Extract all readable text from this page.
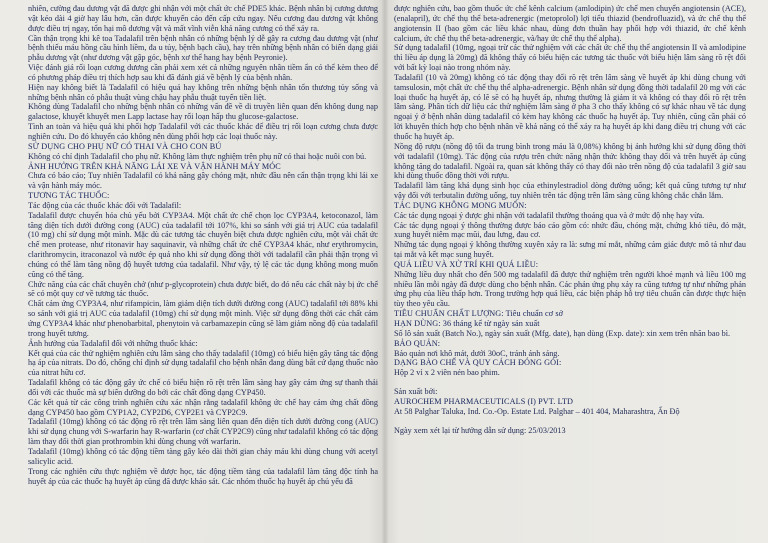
nhiên, cường đau dương vật đã được ghi nhận với một chất ức chế PDE5 khác. Bệnh nhân bị cương dương vật kéo dài 4 giờ hay lâu hơn, cần được khuyến cáo đến cấp cứu ngay. Nếu cương đau dương vật không được điều trị ngay, tổn hại mô dương vật và mất vĩnh viễn khả năng cương có thể xảy ra.

Cần thận trọng khi kê toa Tadalafil trên bệnh nhân có những bệnh lý dễ gây ra cương đau dương vật (như bệnh thiếu máu hồng cầu hình liềm, đa u tủy, bệnh bạch cầu), hay trên những bệnh nhân có biến dạng giải phẫu dương vật (như dương vật gập góc, bệnh xơ thể hang hay bệnh Peyronie).

Việc đánh giá rối loạn cương dương cần phải xem xét cả những nguyên nhân tiềm ẩn có thể kèm theo để có phương pháp điều trị thích hợp sau khi đã đánh giá về bệnh lý của bệnh nhân.

Hiện nay không biết là Tadalafil có hiệu quả hay không trên những bệnh nhân tổn thương tủy sống và những bệnh nhân có phẫu thuật vùng chậu hay phẫu thuật tuyến tiền liệt.

Không dùng Tadalafil cho những bệnh nhân có những vấn đề về di truyền liên quan đến không dung nạp galactose, khuyết khuyết men Lapp lactase hay rối loạn hấp thu glucose-galactose.

Tình an toàn và hiệu quả khi phối hợp Tadalafil với các thuốc khác để điều trị rối loạn cương chưa được nghiên cứu. Do đó khuyến cáo không nên dùng phối hợp các loại thuốc này.

SỬ DỤNG CHO PHỤ NỮ CÓ THAI VÀ CHO CON BÚ

Không có chỉ định Tadalafil cho phụ nữ. Không làm thực nghiệm trên phụ nữ có thai hoặc nuôi con bú.

ẢNH HƯỞNG TRÊN KHẢ NĂNG LÁI XE VÀ VẬN HÀNH MÁY MÓC

Chưa có báo cáo; Tuy nhiên Tadalafil có khả năng gây chóng mặt, nhức đầu nên cẩn thận trọng khi lái xe và vận hành máy móc.

TƯƠNG TÁC THUỐC:

Tác động của các thuốc khác đối với Tadalafil:

Tadalafil được chuyển hóa chủ yếu bởi CYP3A4. Một chất ức chế chọn lọc CYP3A4, ketoconazol, làm tăng diện tích dưới đường cong (AUC) của tadalafil tới 107%, khi so sánh với giá trị AUC của tadalafil (10 mg) chỉ sử dụng một mình. Mặc dù các tương tác chuyên biệt chưa được nghiên cứu, một vài chất ức chế men protease, như ritonavir hay saquinavir, và những chất ức chế CYP3A4 khác, như erythromycin, clarithromycin, itraconazol và nước ép quả nho khi sử dụng đồng thời với tadalafil cần phải thận trọng vì chúng có thể làm tăng nồng độ huyết tương của tadalafil. Như vậy, tỷ lệ các tác dụng không mong muốn cũng có thể tăng.

Chức năng của các chất chuyên chở (như p-glycoprotein) chưa được biết, do đó nếu các chất này bị ức chế sẽ có một quy cơ về tương tác thuốc.

Chất cảm ứng CYP3A4, như rifampicin, làm giảm diện tích dưới đường cong (AUC) tadalafil tới 88% khi so sánh với giá trị AUC của tadalafil (10mg) chỉ sử dụng một mình. Việc sử dụng đồng thời các chất cảm ứng CYP3A4 khác như phenobarbital, phenytoin và carbamazepin cũng sẽ làm giảm nồng độ của tadalafil trong huyết tương.

Ảnh hưởng của Tadalafil đối với những thuốc khác:

Kết quả của các thử nghiệm nghiên cứu lâm sàng cho thấy tadalafil (10mg) có biểu hiện gây tăng tác động hạ áp của nitrats. Do đó, chống chỉ định sử dụng tadalafil cho bệnh nhân đang dùng bất cứ dạng thuốc nào của nitrat hữu cơ.

Tadalafil không có tác động gây ức chế có biểu hiện rõ rệt trên lâm sàng hay gây cảm ứng sự thanh thải đối với các thuốc mà sự biến dưỡng do bởi các chất đồng dạng CYP450.

Các kết quả từ các công trình nghiên cứu xác nhận rằng tadalafil không ức chế hay cảm ứng chất đồng dạng CYP450 bao gồm CYP1A2, CYP2D6, CYP2E1 và CYP2C9.

Tadalafil (10mg) không có tác động rõ rệt trên lâm sàng liên quan đến diện tích dưới đường cong (AUC) khi sử dụng chung với S-warfarin hay R-warfarin (cơ chất CYP2C9) cũng như tadalafil không có tác động làm thay đổi thời gian prothrombin khi dùng chung với warfarin.

Tadalafil (10mg) không có tác động tiềm tàng gây kéo dài thời gian chảy máu khi dùng chung với acetyl salicylic acid.

Trong các nghiên cứu thực nghiệm về dược học, tác động tiềm tàng của tadalafil làm tăng độc tính ha huyết áp của các thuốc hạ huyết áp cũng đã được khảo sát. Các nhóm thuốc hạ huyết áp chủ yếu đã

được nghiên cứu, bao gồm thuốc ức chế kênh calcium (amlodipin) ức chế men chuyển angiotensin (ACE), (enalapril), ức chế thụ thể beta-adrenergic (metoprolol) lợi tiểu thiazid (bendrofluazid), và ức chế thụ thể angiotensin II (bao gồm các liều khác nhau, dùng đơn thuần hay phối hợp với thiazid, ức chế kênh calcium, ức chế thụ thể beta-adrenergic, và/hay ức chế thụ thể alpha).

Sử dụng tadalafil (10mg, ngoại trừ các thử nghiệm với các chất ức chế thụ thể angiotensin II và amlodipine thì liều áp dụng là 20mg) đã không thấy có biểu hiện các tương tác thuốc với biểu hiện lâm sàng rõ rệt đối với bất kỳ loại nào trong nhóm này.

Tadalafil (10 và 20mg) không có tác động thay đổi rõ rệt trên lâm sàng về huyết áp khi dùng chung với tamsulosin, một chất ức chế thụ thể alpha-adrenergic. Bệnh nhân sử dụng đồng thời tadalafil 20 mg với các loại thuốc hạ huyết áp, có lẽ sẽ có hạ huyết áp, nhưng thường là giảm ít và không có thay đổi rõ rệt trên lâm sàng. Phân tích dữ liệu các thử nghiệm lâm sàng ở pha 3 cho thấy không có sự khác nhau về tác dụng ngoại ý ở bệnh nhân dùng tadalafil có kèm hay không các thuốc hạ huyết áp. Tuy nhiên, cũng cần phải có lời khuyên thích hợp cho bệnh nhân về khả năng có thể xảy ra hạ huyết áp khi đang điều trị chung với các thuốc hạ huyết áp.

Nồng độ rượu (nồng độ tối đa trung bình trong máu là 0,08%) không bị ảnh hưởng khi sử dụng đồng thời với tadalafil (10mg). Tác động của rượu trên chức năng nhận thức không thay đổi và trên huyết áp cũng không tăng do tadalafil. Ngoài ra, quan sát không thấy có thay đổi nào trên nồng độ của tadalafil 3 giờ sau khi dùng thuốc đồng thời với rượu.

Tadalafil làm tăng khả dụng sinh học của ethinylestradiol dòng đường uống; kết quả cũng tương tự như vậy đối với terbutalin đường uống, tuy nhiên trên tác động trên lâm sàng cũng không chắc chắn lắm.

TÁC DỤNG KHÔNG MONG MUỐN:

Các tác dụng ngoại ý được ghi nhận với tadalafil thường thoáng qua và ở mức độ nhẹ hay vừa.

Các tác dụng ngoại ý thông thường được báo cáo gồm có: nhức đầu, chóng mặt, chứng khó tiêu, đỏ mặt, xung huyết niêm mạc mũi, đau lưng, đau cơ.

Những tác dụng ngoại ý không thường xuyên xảy ra là: sưng mí mắt, những cảm giác được mô tả như đau tại mắt và kết mạc sung huyết.

QUÁ LIỀU VÀ XỬ TRÍ KHI QUÁ LIỀU:

Những liều duy nhất cho đến 500 mg tadalafil đã được thử nghiệm trên người khoẻ mạnh và liều 100 mg nhiều lần mỗi ngày đã được dùng cho bệnh nhân. Các phản ứng phụ xảy ra cũng tương tự như những phản ứng phụ của liều thấp hơn. Trong trường hợp quá liều, các biện pháp hỗ trợ tiêu chuẩn cần được thực hiện tùy theo yêu cầu.

TIÊU CHUẨN CHẤT LƯỢNG: Tiêu chuẩn cơ sở

HẠN DÙNG: 36 tháng kể từ ngày sản xuất

Số lô sản xuất (Batch No.), ngày sản xuất (Mfg. date), hạn dùng (Exp. date): xin xem trên nhãn bao bì.

BẢO QUẢN:

Bảo quản nơi khô mát, dưới 30oC, tránh ánh sáng.

DẠNG BÀO CHẾ VÀ QUY CÁCH ĐÓNG GÓI:

Hộp 2 vỉ x 2 viên nén bao phim.

Sản xuất bởi:

AUROCHEM PHARMACEUTICALS (I) PVT. LTD

At 58 Palghar Taluka, Ind. Co.-Op. Estate Ltd. Palghar – 401 404, Maharashtra, Ấn Độ

Ngày xem xét lại từ hướng dẫn sử dụng: 25/03/2013
